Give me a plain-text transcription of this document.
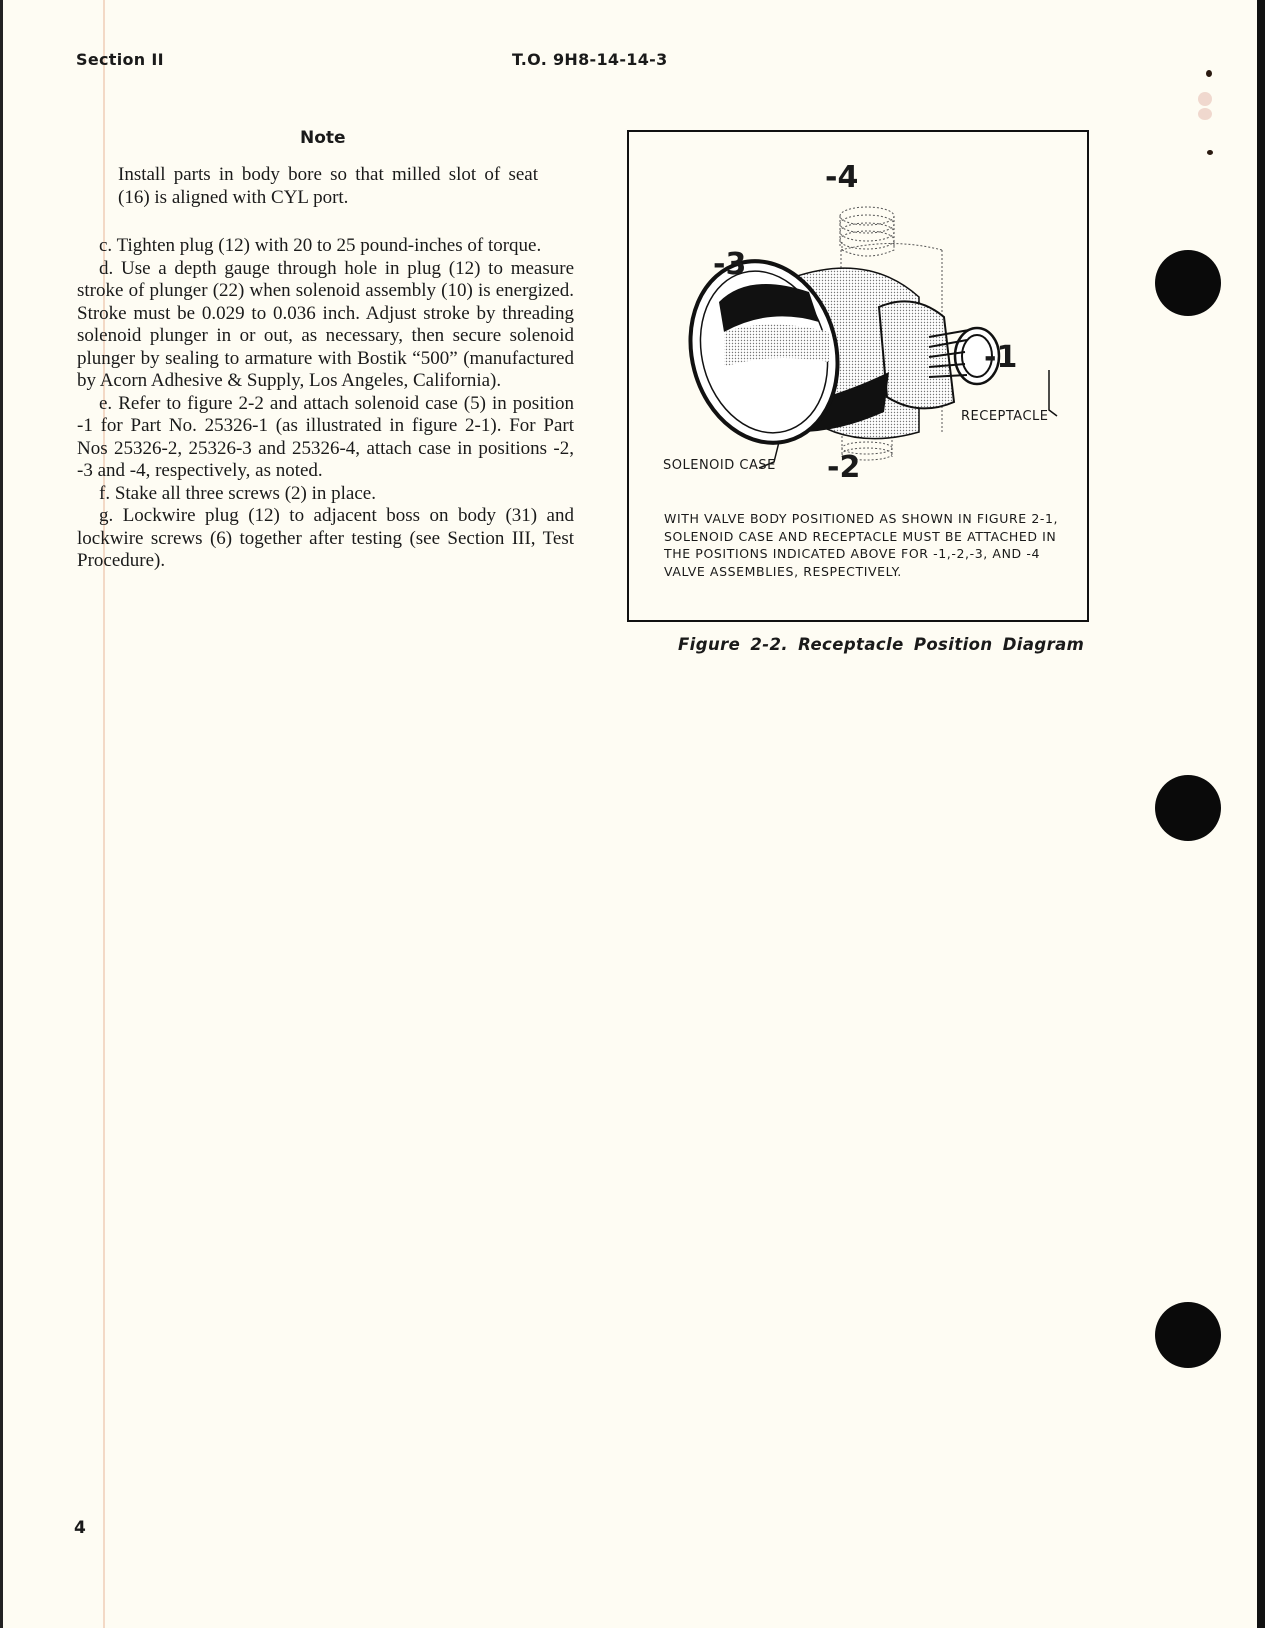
Section II	T.O. 9H8-14-14-3
Note
Install parts in body bore so that milled slot of seat (16) is aligned with CYL port.

c. Tighten plug (12) with 20 to 25 pound-inches of torque.

d. Use a depth gauge through hole in plug (12) to measure stroke of plunger (22) when solenoid assembly (10) is energized. Stroke must be 0.029 to 0.036 inch. Adjust stroke by threading solenoid plunger in or out, as necessary, then secure solenoid plunger by sealing to armature with Bostik “500” (manufactured by Acorn Adhesive & Supply, Los Angeles, California).

e. Refer to figure 2-2 and attach solenoid case (5) in position -1 for Part No. 25326-1 (as illustrated in figure 2-1). For Part Nos 25326-2, 25326-3 and 25326-4, attach case in positions -2, -3 and -4, respectively, as noted.

f. Stake all three screws (2) in place.

g. Lockwire plug (12) to adjacent boss on body (31) and lockwire screws (6) together after testing (see Section III, Test Procedure).

-4
-3
-1
-2
RECEPTACLE
SOLENOID CASE
WITH VALVE BODY POSITIONED AS SHOWN IN FIGURE 2-1, SOLENOID CASE AND RECEPTACLE MUST BE ATTACHED IN THE POSITIONS INDICATED ABOVE FOR -1,-2,-3, AND -4 VALVE ASSEMBLIES, RESPECTIVELY.
Figure 2-2. Receptacle Position Diagram
4
